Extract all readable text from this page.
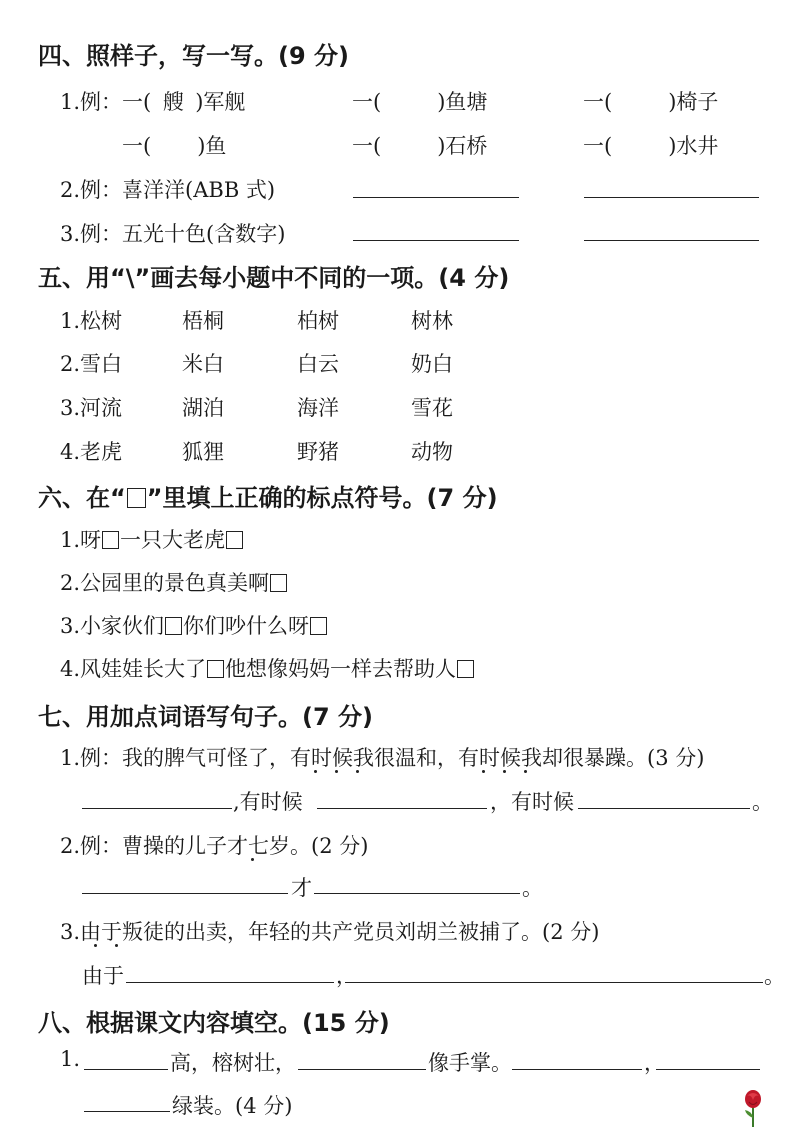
四、照样子，写一写。(9 分)
1.例：一( 艘 )军舰	一(	)鱼塘	一(	)椅子
一( )鱼	一(	)石桥	一(	)水井
2.例：喜洋洋(ABB 式)
3.例：五光十色(含数字)
五、用“\”画去每小题中不同的一项。(4 分)
1.松树	梧桐	柏树	树林
2.雪白	米白	白云	奶白
3.河流	湖泊	海洋	雪花
4.老虎	狐狸	野猪	动物
六、在“ ”里填上正确的标点符号。(7 分)
1.呀 一只大老虎
2.公园里的景色真美啊
3.小家伙们 你们吵什么呀
4.风娃娃长大了 他想像妈妈一样去帮助人
七、用加点词语写句子。(7 分)
1.例：我的脾气可怪了，有时候我很温和，有时候我却很暴躁。(3 分)
,有时候	，有时候	。
2.例：曹操的儿子才七岁。(2 分)
才	。
3.由于叛徒的出卖，年轻的共产党员刘胡兰被捕了。(2 分)
由于	，	。
八、根据课文内容填空。(15 分)
1.	高，榕树壮，	像手掌。	，
绿装。(4 分)
